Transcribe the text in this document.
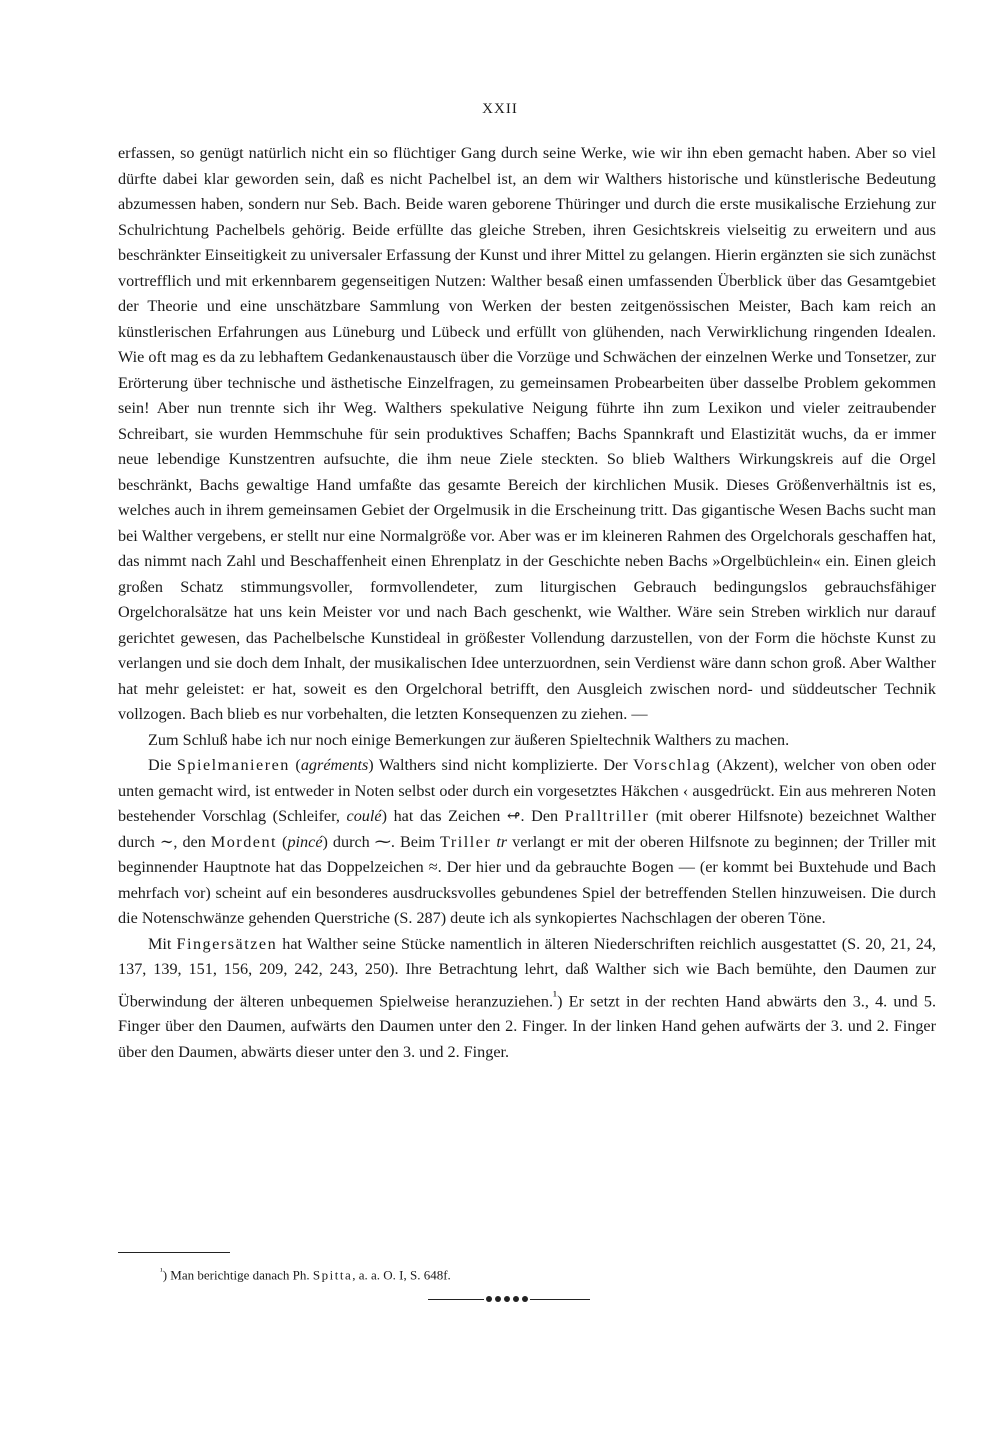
XXII

erfassen, so genügt natürlich nicht ein so flüchtiger Gang durch seine Werke, wie wir ihn eben gemacht haben. Aber so viel dürfte dabei klar geworden sein, daß es nicht Pachelbel ist, an dem wir Walthers historische und künstlerische Bedeutung abzumessen haben, sondern nur Seb. Bach. Beide waren geborene Thüringer und durch die erste musikalische Erziehung zur Schulrichtung Pachelbels gehörig. Beide erfüllte das gleiche Streben, ihren Gesichtskreis vielseitig zu erweitern und aus beschränkter Einseitigkeit zu universaler Erfassung der Kunst und ihrer Mittel zu gelangen. Hierin ergänzten sie sich zunächst vortrefflich und mit erkennbarem gegenseitigen Nutzen: Walther besaß einen umfassenden Überblick über das Gesamtgebiet der Theorie und eine unschätzbare Sammlung von Werken der besten zeitgenössischen Meister, Bach kam reich an künstlerischen Erfahrungen aus Lüneburg und Lübeck und erfüllt von glühenden, nach Verwirklichung ringenden Idealen. Wie oft mag es da zu lebhaftem Gedankenaustausch über die Vorzüge und Schwächen der einzelnen Werke und Tonsetzer, zur Erörterung über technische und ästhetische Einzelfragen, zu gemeinsamen Probearbeiten über dasselbe Problem gekommen sein! Aber nun trennte sich ihr Weg. Walthers spekulative Neigung führte ihn zum Lexikon und vieler zeitraubender Schreibart, sie wurden Hemmschuhe für sein produktives Schaffen; Bachs Spannkraft und Elastizität wuchs, da er immer neue lebendige Kunstzentren aufsuchte, die ihm neue Ziele steckten. So blieb Walthers Wirkungskreis auf die Orgel beschränkt, Bachs gewaltige Hand umfaßte das gesamte Bereich der kirchlichen Musik. Dieses Größenverhältnis ist es, welches auch in ihrem gemeinsamen Gebiet der Orgelmusik in die Erscheinung tritt. Das gigantische Wesen Bachs sucht man bei Walther vergebens, er stellt nur eine Normalgröße vor. Aber was er im kleineren Rahmen des Orgelchorals geschaffen hat, das nimmt nach Zahl und Beschaffenheit einen Ehrenplatz in der Geschichte neben Bachs »Orgelbüchlein« ein. Einen gleich großen Schatz stimmungsvoller, formvollendeter, zum liturgischen Gebrauch bedingungslos gebrauchsfähiger Orgelchoralsätze hat uns kein Meister vor und nach Bach geschenkt, wie Walther. Wäre sein Streben wirklich nur darauf gerichtet gewesen, das Pachelbelsche Kunstideal in größester Vollendung darzustellen, von der Form die höchste Kunst zu verlangen und sie doch dem Inhalt, der musikalischen Idee unterzuordnen, sein Verdienst wäre dann schon groß. Aber Walther hat mehr geleistet: er hat, soweit es den Orgelchoral betrifft, den Ausgleich zwischen nord- und süddeutscher Technik vollzogen. Bach blieb es nur vorbehalten, die letzten Konsequenzen zu ziehen. —

Zum Schluß habe ich nur noch einige Bemerkungen zur äußeren Spieltechnik Walthers zu machen.

Die Spielmanieren (agréments) Walthers sind nicht komplizierte. Der Vorschlag (Akzent), welcher von oben oder unten gemacht wird, ist entweder in Noten selbst oder durch ein vorgesetztes Häkchen ‹ ausgedrückt. Ein aus mehreren Noten bestehender Vorschlag (Schleifer, coulé) hat das Zeichen ↫. Den Pralltriller (mit oberer Hilfsnote) bezeichnet Walther durch ∼, den Mordent (pincé) durch ⁓. Beim Triller tr verlangt er mit der oberen Hilfsnote zu beginnen; der Triller mit beginnender Hauptnote hat das Doppelzeichen ≈. Der hier und da gebrauchte Bogen — (er kommt bei Buxtehude und Bach mehrfach vor) scheint auf ein besonderes ausdrucksvolles gebundenes Spiel der betreffenden Stellen hinzuweisen. Die durch die Notenschwänze gehenden Querstriche (S. 287) deute ich als synkopiertes Nachschlagen der oberen Töne.

Mit Fingersätzen hat Walther seine Stücke namentlich in älteren Niederschriften reichlich ausgestattet (S. 20, 21, 24, 137, 139, 151, 156, 209, 242, 243, 250). Ihre Betrachtung lehrt, daß Walther sich wie Bach bemühte, den Daumen zur Überwindung der älteren unbequemen Spielweise heranzuziehen.$^{^1}$) Er setzt in der rechten Hand abwärts den 3., 4. und 5. Finger über den Daumen, aufwärts den Daumen unter den 2. Finger. In der linken Hand gehen aufwärts der 3. und 2. Finger über den Daumen, abwärts dieser unter den 3. und 2. Finger.

$^{^1}$) Man berichtige danach Ph. Spitta, a. a. O. I, S. 648f.
